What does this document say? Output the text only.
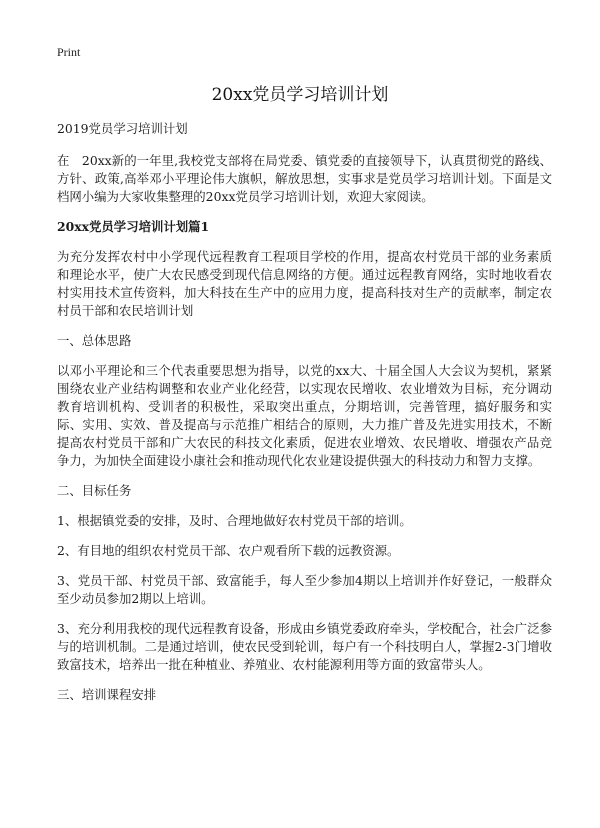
Print
20xx党员学习培训计划

2019党员学习培训计划

在　20xx新的一年里,我校党支部将在局党委、镇党委的直接领导下，认真贯彻党的路线、方针、政策,高举邓小平理论伟大旗帜，解放思想，实事求是党员学习培训计划。下面是文档网小编为大家收集整理的20xx党员学习培训计划，欢迎大家阅读。

20xx党员学习培训计划篇1

为充分发挥农村中小学现代远程教育工程项目学校的作用，提高农村党员干部的业务素质和理论水平，使广大农民感受到现代信息网络的方便。通过远程教育网络，实时地收看农村实用技术宣传资料，加大科技在生产中的应用力度，提高科技对生产的贡献率，制定农村员干部和农民培训计划

一、总体思路

以邓小平理论和三个代表重要思想为指导，以党的xx大、十届全国人大会议为契机，紧紧围绕农业产业结构调整和农业产业化经营，以实现农民增收、农业增效为目标，充分调动教育培训机构、受训者的积极性，采取突出重点，分期培训，完善管理，搞好服务和实际、实用、实效、普及提高与示范推广相结合的原则，大力推广普及先进实用技术，不断提高农村党员干部和广大农民的科技文化素质，促进农业增效、农民增收、增强农产品竞争力，为加快全面建设小康社会和推动现代化农业建设提供强大的科技动力和智力支撑。

二、目标任务

1、根据镇党委的安排，及时、合理地做好农村党员干部的培训。

2、有目地的组织农村党员干部、农户观看所下载的远教资源。

3、党员干部、村党员干部、致富能手，每人至少参加4期以上培训并作好登记，一般群众至少动员参加2期以上培训。

3、充分利用我校的现代远程教育设备，形成由乡镇党委政府牵头，学校配合，社会广泛参与的培训机制。二是通过培训，使农民受到轮训，每户有一个科技明白人，掌握2-3门增收致富技术，培养出一批在种植业、养殖业、农村能源利用等方面的致富带头人。

三、培训课程安排
